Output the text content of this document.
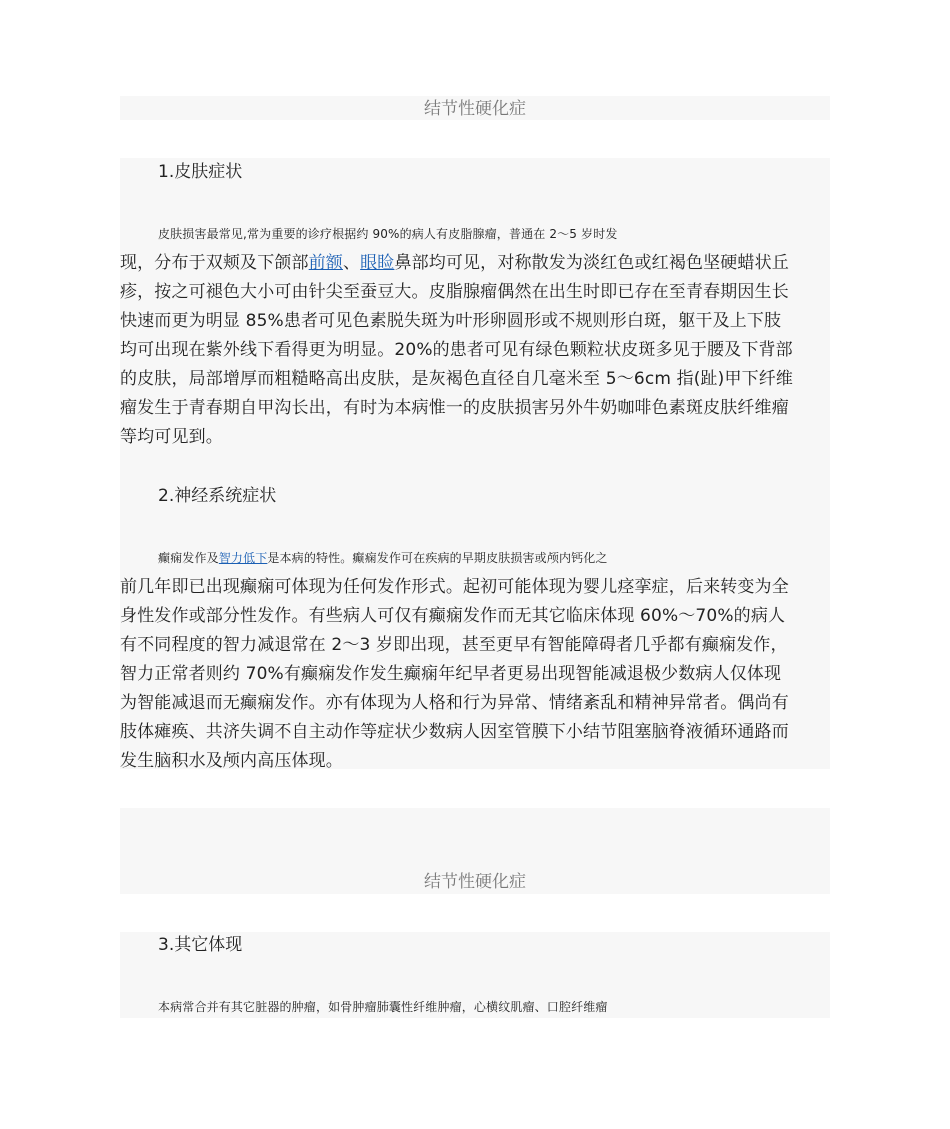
结节性硬化症
1.皮肤症状
皮肤损害最常见,常为重要的诊疗根据约 90%的病人有皮脂腺瘤，普通在 2～5 岁时发
现，分布于双颊及下颌部前额、眼睑鼻部均可见，对称散发为淡红色或红褐色坚硬蜡状丘
疹，按之可褪色大小可由针尖至蚕豆大。皮脂腺瘤偶然在出生时即已存在至青春期因生长
快速而更为明显 85%患者可见色素脱失斑为叶形卵圆形或不规则形白斑，躯干及上下肢
均可出现在紫外线下看得更为明显。20%的患者可见有绿色颗粒状皮斑多见于腰及下背部
的皮肤，局部增厚而粗糙略高出皮肤，是灰褐色直径自几毫米至 5～6cm 指(趾)甲下纤维
瘤发生于青春期自甲沟长出，有时为本病惟一的皮肤损害另外牛奶咖啡色素斑皮肤纤维瘤
等均可见到。
2.神经系统症状
癫痫发作及智力低下是本病的特性。癫痫发作可在疾病的早期皮肤损害或颅内钙化之
前几年即已出现癫痫可体现为任何发作形式。起初可能体现为婴儿痉挛症，后来转变为全
身性发作或部分性发作。有些病人可仅有癫痫发作而无其它临床体现 60%～70%的病人
有不同程度的智力减退常在 2～3 岁即出现，甚至更早有智能障碍者几乎都有癫痫发作，
智力正常者则约 70%有癫痫发作发生癫痫年纪早者更易出现智能减退极少数病人仅体现
为智能减退而无癫痫发作。亦有体现为人格和行为异常、情绪紊乱和精神异常者。偶尚有
肢体瘫痪、共济失调不自主动作等症状少数病人因室管膜下小结节阻塞脑脊液循环通路而
发生脑积水及颅内高压体现。
结节性硬化症
3.其它体现
本病常合并有其它脏器的肿瘤，如骨肿瘤肺囊性纤维肿瘤，心横纹肌瘤、口腔纤维瘤
